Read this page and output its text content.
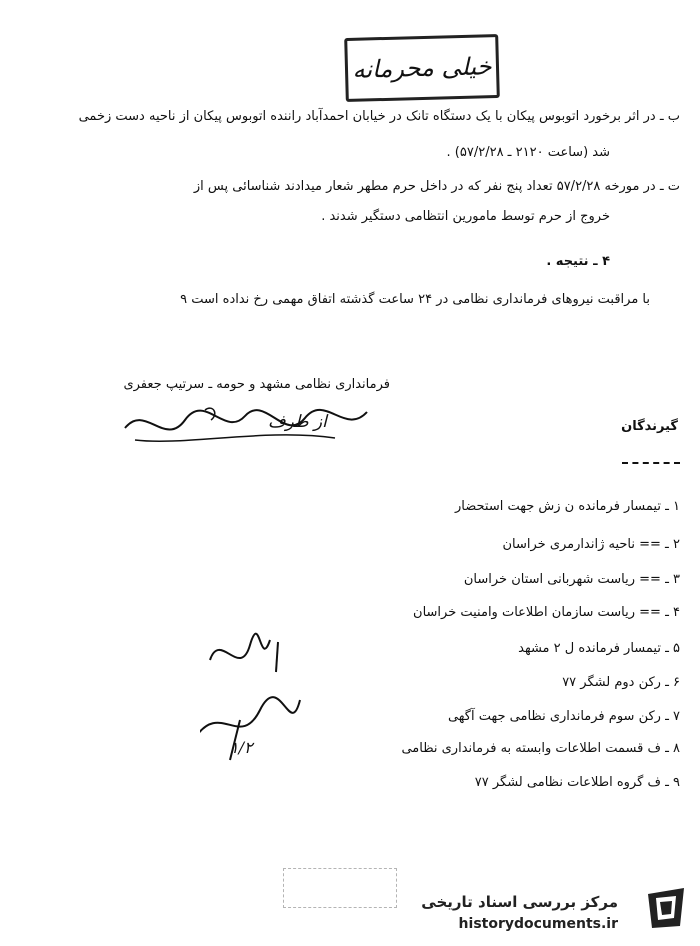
خیلی محرمانه
ب ـ در اثر برخورد اتوبوس پیکان با یک دستگاه تانک در خیابان احمدآباد راننده اتوبوس پیکان از ناحیه دست زخمی
شد (ساعت ۲۱۲۰ ـ ۵۷/۲/۲۸) .
ت ـ در مورخه ۵۷/۲/۲۸ تعداد پنج نفر که در داخل حرم مطهر شعار میدادند شناسائی پس از
خروج از حرم توسط مامورین انتظامی دستگیر شدند .
۴ ـ نتیجه .
با مراقبت نیروهای فرمانداری نظامی در ۲۴ ساعت گذشته اتفاق مهمی رخ نداده است ۹
فرمانداری نظامی مشهد و حومه ـ سرتیپ جعفری
از طرف	گیرندگان
۱ ـ تیمسار فرمانده ن زش جهت استحضار
۲ ـ == ناحیه ژاندارمری خراسان
۳ ـ == ریاست شهربانی استان خراسان
۴ ـ == ریاست سازمان اطلاعات وامنیت خراسان
۵ ـ تیمسار فرمانده ل ۲ مشهد
۶ ـ رکن دوم لشگر ۷۷
۷ ـ رکن سوم فرمانداری نظامی جهت آگهی
۸ ـ ف قسمت اطلاعات وابسته به فرمانداری نظامی
۹ ـ ف گروه اطلاعات نظامی لشگر ۷۷
۱/۲
مرکز بررسی اسناد تاریخی
historydocuments.ir
